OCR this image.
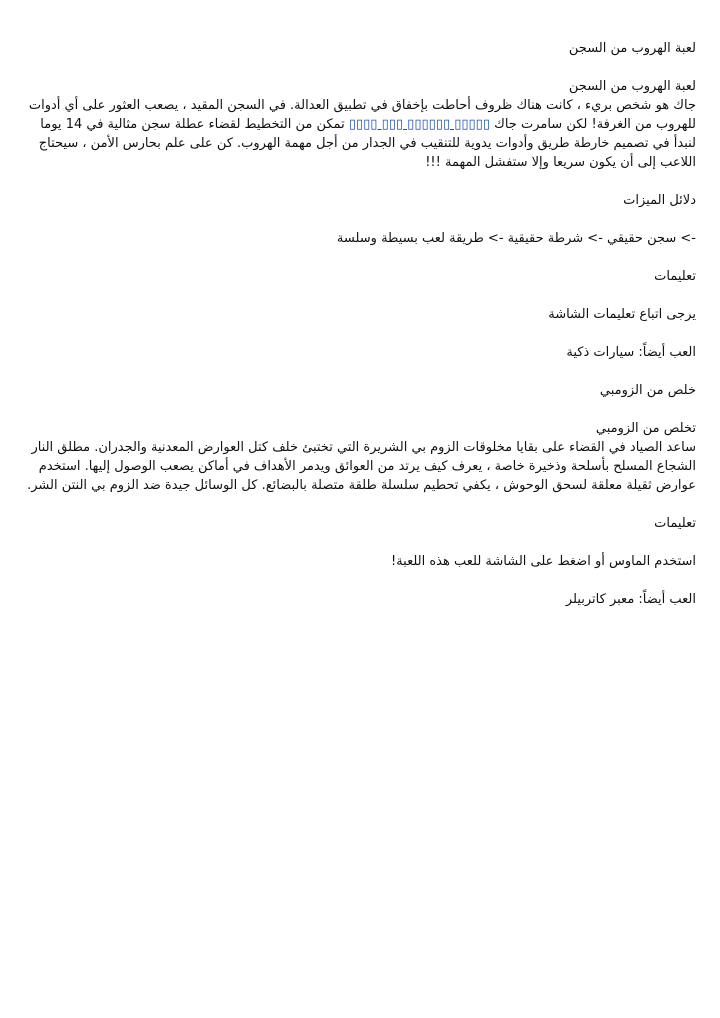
لعبة الهروب من السجن

لعبة الهروب من السجن

جاك هو شخص بريء ، كانت هناك ظروف أحاطت بإخفاق في تطبيق العدالة. في السجن المقيد ، يصعب العثور على أي أدوات للهروب من الغرفة! لكن سامرت جاك ▯▯▯▯▯ ▯▯▯▯▯▯ ▯▯▯ ▯▯▯▯ تمكن من التخطيط لقضاء عطلة سجن مثالية في 14 يوما لنبدأ في تصميم خارطة طريق وأدوات يدوية للتنقيب في الجدار من أجل مهمة الهروب. كن على علم بحارس الأمن ، سيحتاج اللاعب إلى أن يكون سريعا وإلا ستفشل المهمة !!!

دلائل الميزات

-> سجن حقيقي -> شرطة حقيقية -> طريقة لعب بسيطة وسلسة

تعليمات

يرجى اتباع تعليمات الشاشة

العب أيضاً: سيارات ذكية

خلص من الزومبي

تخلص من الزومبي

ساعد الصياد في القضاء على بقايا مخلوقات الزوم بي الشريرة التي تختبئ خلف كتل العوارض المعدنية والجدران. مطلق النار الشجاع المسلح بأسلحة وذخيرة خاصة ، يعرف كيف يرتد من العوائق ويدمر الأهداف في أماكن يصعب الوصول إليها. استخدم عوارض ثقيلة معلقة لسحق الوحوش ، يكفي تحطيم سلسلة طلقة متصلة بالبضائع. كل الوسائل جيدة ضد الزوم بي النتن الشر.

تعليمات

استخدم الماوس أو اضغط على الشاشة للعب هذه اللعبة!

العب أيضاً: معبر كاتربيلر
